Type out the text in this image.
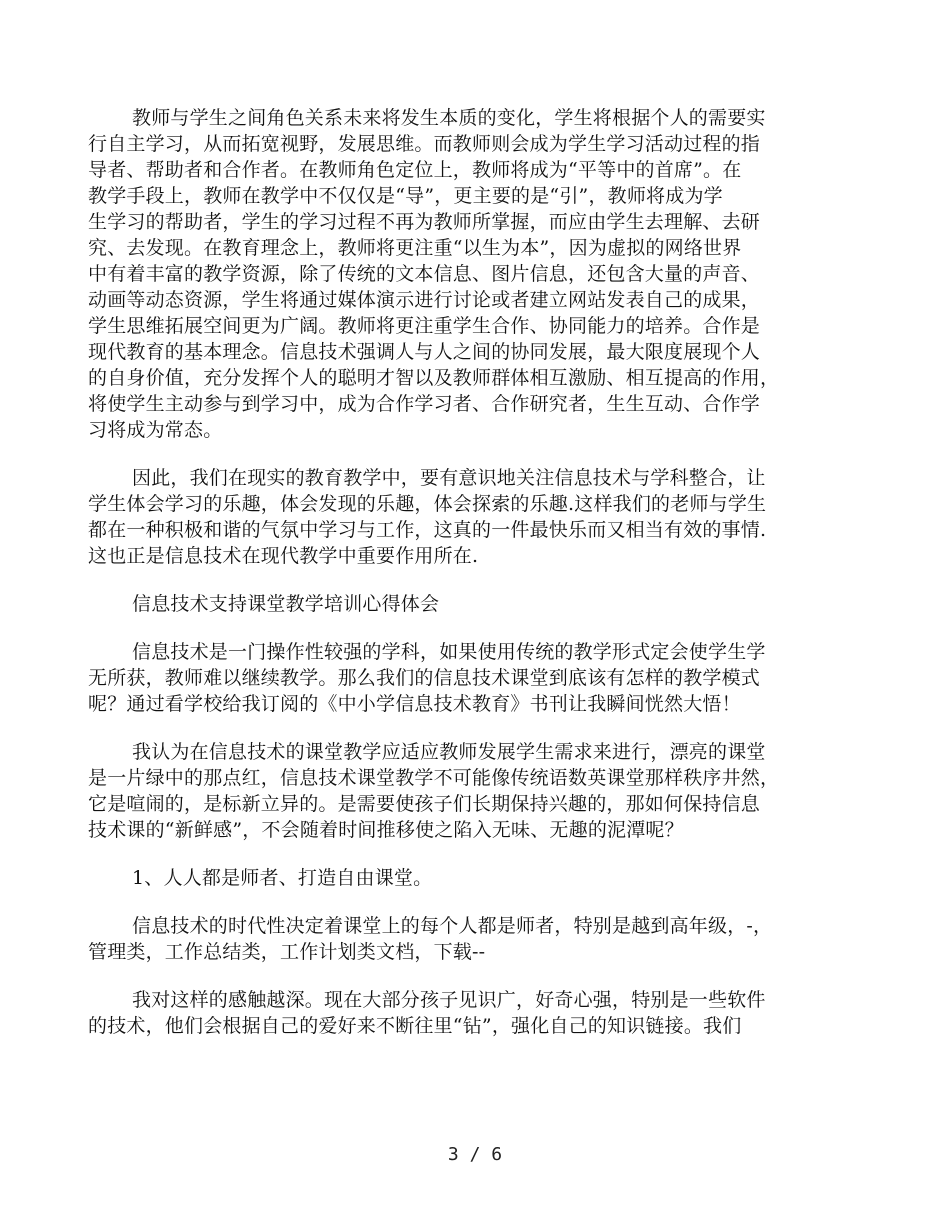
教师与学生之间角色关系未来将发生本质的变化，学生将根据个人的需要实
行自主学习，从而拓宽视野，发展思维。而教师则会成为学生学习活动过程的指
导者、帮助者和合作者。在教师角色定位上，教师将成为“平等中的首席”。在
教学手段上，教师在教学中不仅仅是“导”，更主要的是“引”，教师将成为学
生学习的帮助者，学生的学习过程不再为教师所掌握，而应由学生去理解、去研
究、去发现。在教育理念上，教师将更注重“以生为本”，因为虚拟的网络世界
中有着丰富的教学资源，除了传统的文本信息、图片信息，还包含大量的声音、
动画等动态资源，学生将通过媒体演示进行讨论或者建立网站发表自己的成果，
学生思维拓展空间更为广阔。教师将更注重学生合作、协同能力的培养。合作是
现代教育的基本理念。信息技术强调人与人之间的协同发展，最大限度展现个人
的自身价值，充分发挥个人的聪明才智以及教师群体相互激励、相互提高的作用，
将使学生主动参与到学习中，成为合作学习者、合作研究者，生生互动、合作学
习将成为常态。
因此，我们在现实的教育教学中，要有意识地关注信息技术与学科整合，让
学生体会学习的乐趣，体会发现的乐趣，体会探索的乐趣.这样我们的老师与学生
都在一种积极和谐的气氛中学习与工作，这真的一件最快乐而又相当有效的事情.
这也正是信息技术在现代教学中重要作用所在.
信息技术支持课堂教学培训心得体会
信息技术是一门操作性较强的学科，如果使用传统的教学形式定会使学生学
无所获，教师难以继续教学。那么我们的信息技术课堂到底该有怎样的教学模式
呢？通过看学校给我订阅的《中小学信息技术教育》书刊让我瞬间恍然大悟！
我认为在信息技术的课堂教学应适应教师发展学生需求来进行，漂亮的课堂
是一片绿中的那点红，信息技术课堂教学不可能像传统语数英课堂那样秩序井然，
它是喧闹的，是标新立异的。是需要使孩子们长期保持兴趣的，那如何保持信息
技术课的“新鲜感”，不会随着时间推移使之陷入无味、无趣的泥潭呢？
1、人人都是师者、打造自由课堂。
信息技术的时代性决定着课堂上的每个人都是师者，特别是越到高年级，-，
管理类，工作总结类，工作计划类文档，下载--
我对这样的感触越深。现在大部分孩子见识广，好奇心强，特别是一些软件
的技术，他们会根据自己的爱好来不断往里“钻”，强化自己的知识链接。我们
3 / 6
